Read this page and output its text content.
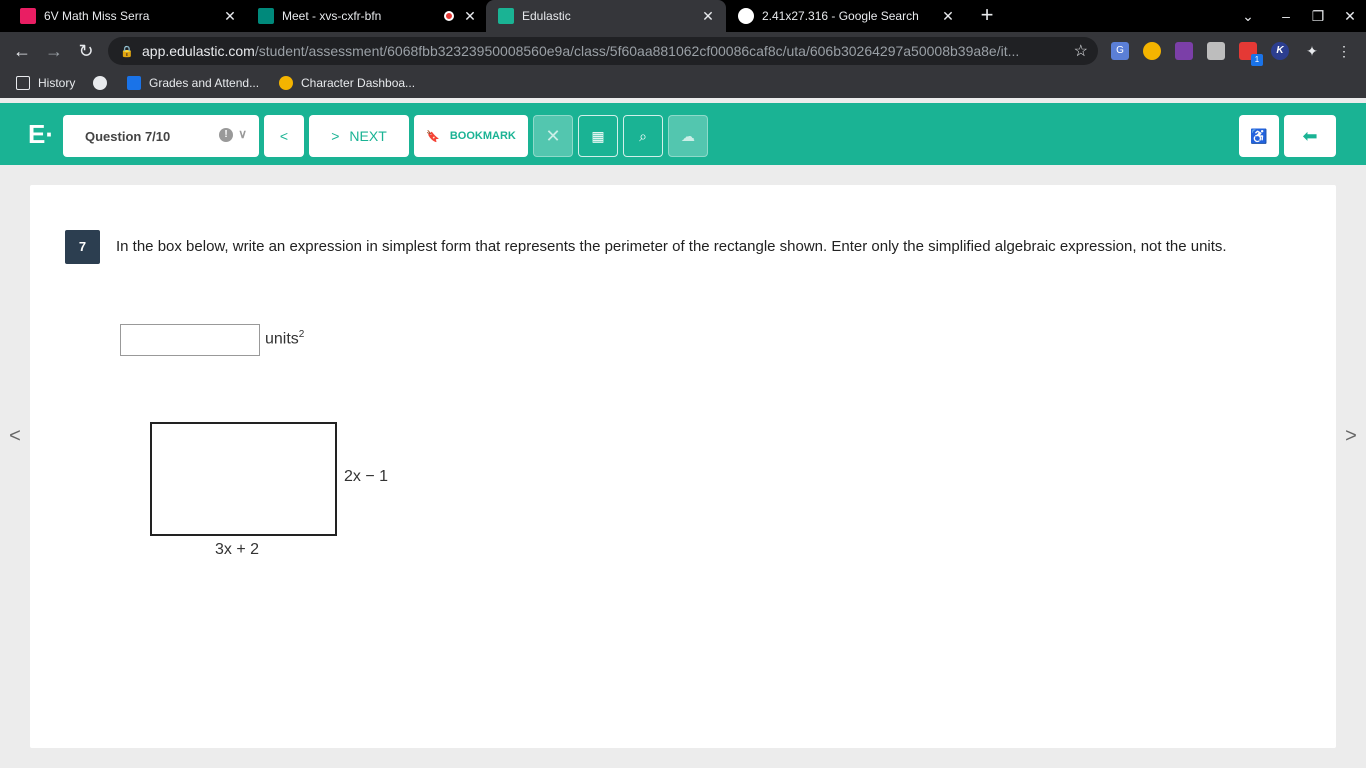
6V Math Miss Serra	✕	Meet - xvs-cxfr-bfn	✕	Edulastic	✕	2.41x27.316 - Google Search	✕ +	⌄	–	❐	✕
← → ↻	🔒 app.edulastic.com /student/assessment/6068fbb32323950008560e9a/class/5f60aa881062cf00086caf8c/uta/606b30264297a50008b39a8e/it...	☆	G
1
K	✦ ⋮
History	Grades and Attend...	Character Dashboa...
E· Question 7/10	! ∨ <	> NEXT	🔖 BOOKMARK ✕ ▦ ⌕ ☁	♿ ⬅
<	>
7	In the box below, write an expression in simplest form that represents the perimeter of the rectangle shown. Enter only the simplified algebraic expression, not the units.
units$^2$
2x − 1
3x + 2
